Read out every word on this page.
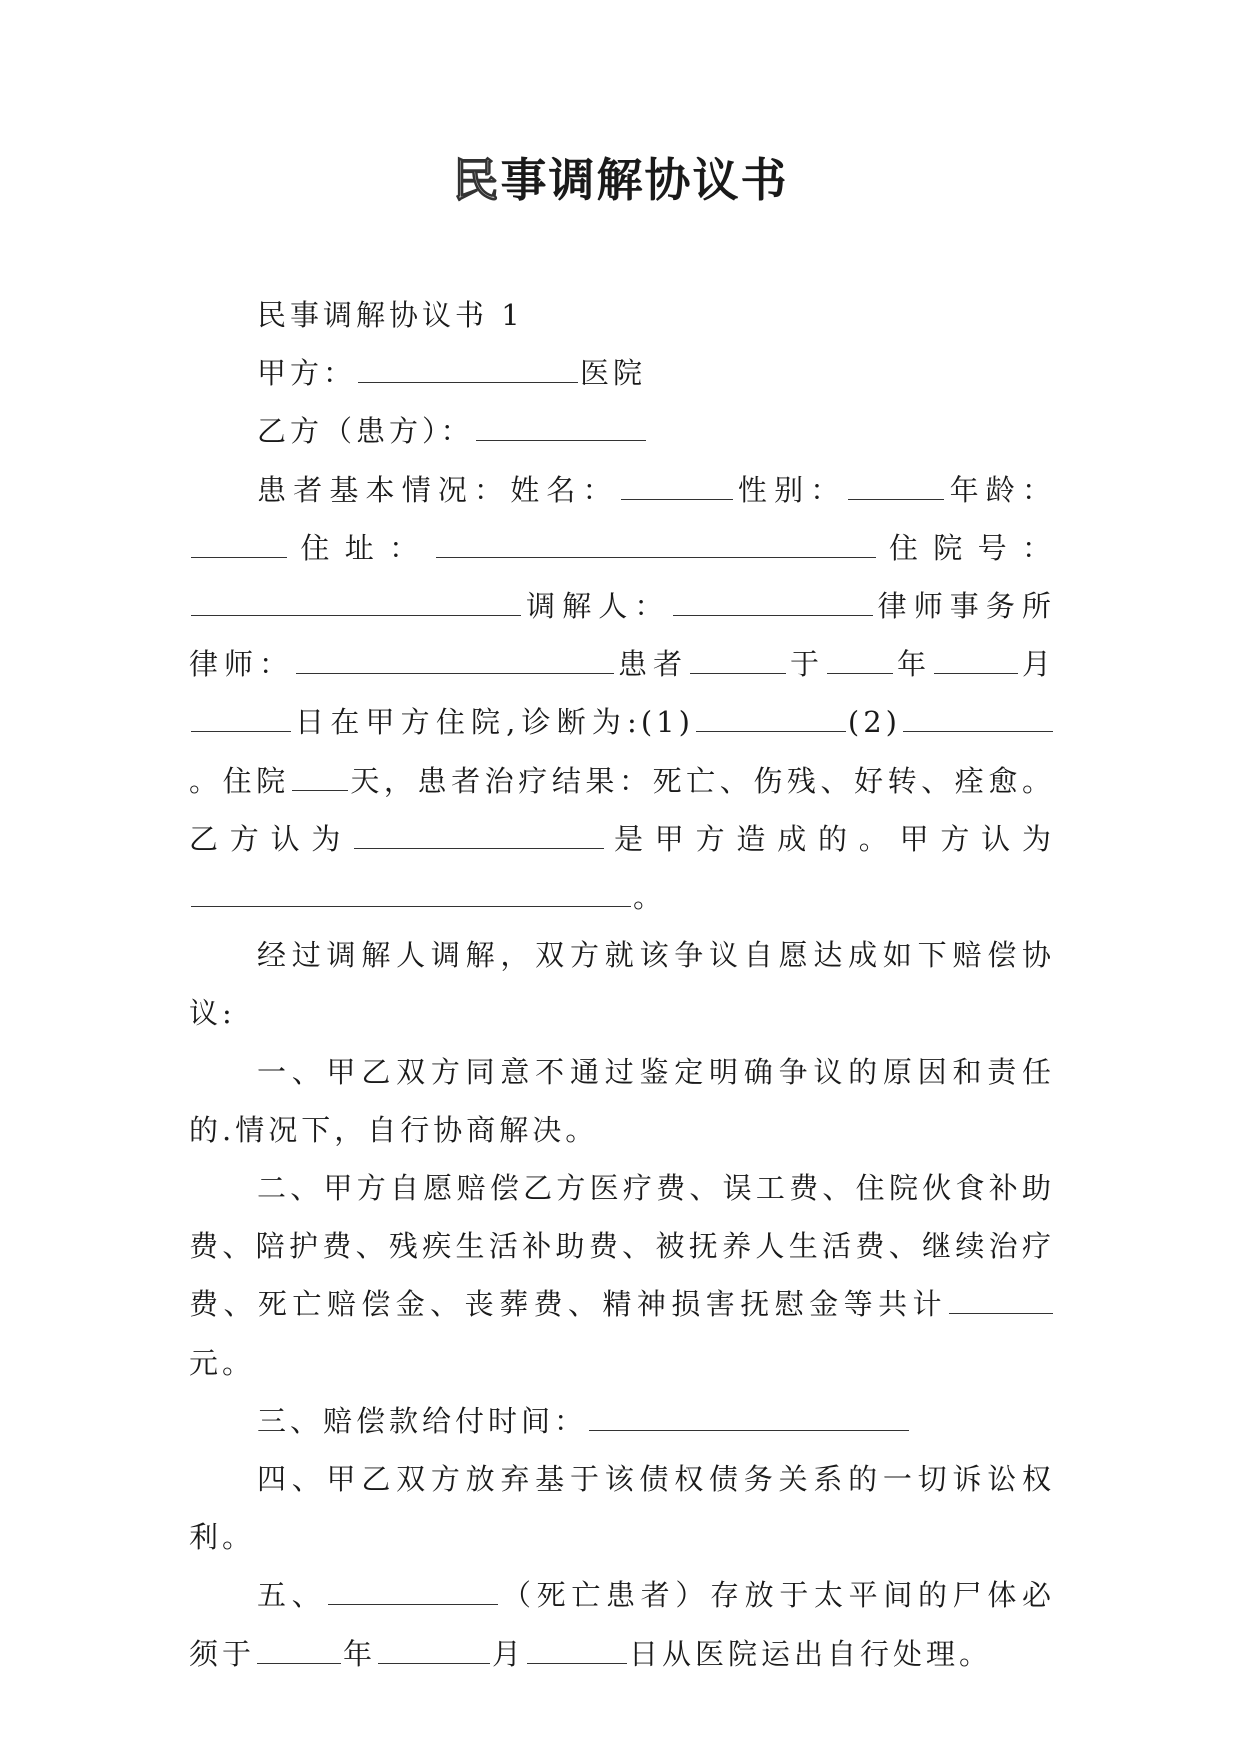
民事调解协议书

民事调解协议书 1

甲方：	医院

乙方（患方）：

患者基本情况：姓名：	性别：	年龄：住址：	住院号：调解人：	律师事务所 律师：	患者	于 年	月日在甲方住院,诊断为:(1)	(2)。住院 天，患者治疗结果：死亡、伤残、好转、痊愈。乙方认为	是甲方造成的。甲方认为。

经过调解人调解，双方就该争议自愿达成如下赔偿协议:

一、甲乙双方同意不通过鉴定明确争议的原因和责任的.情况下，自行协商解决。

二、甲方自愿赔偿乙方医疗费、误工费、住院伙食补助费、陪护费、残疾生活补助费、被抚养人生活费、继续治疗费、死亡赔偿金、丧葬费、精神损害抚慰金等共计元。

三、赔偿款给付时间：

四、甲乙双方放弃基于该债权债务关系的一切诉讼权利。

五、	（死亡患者）存放于太平间的尸体必须于	年	月	日从医院运出自行处理。
